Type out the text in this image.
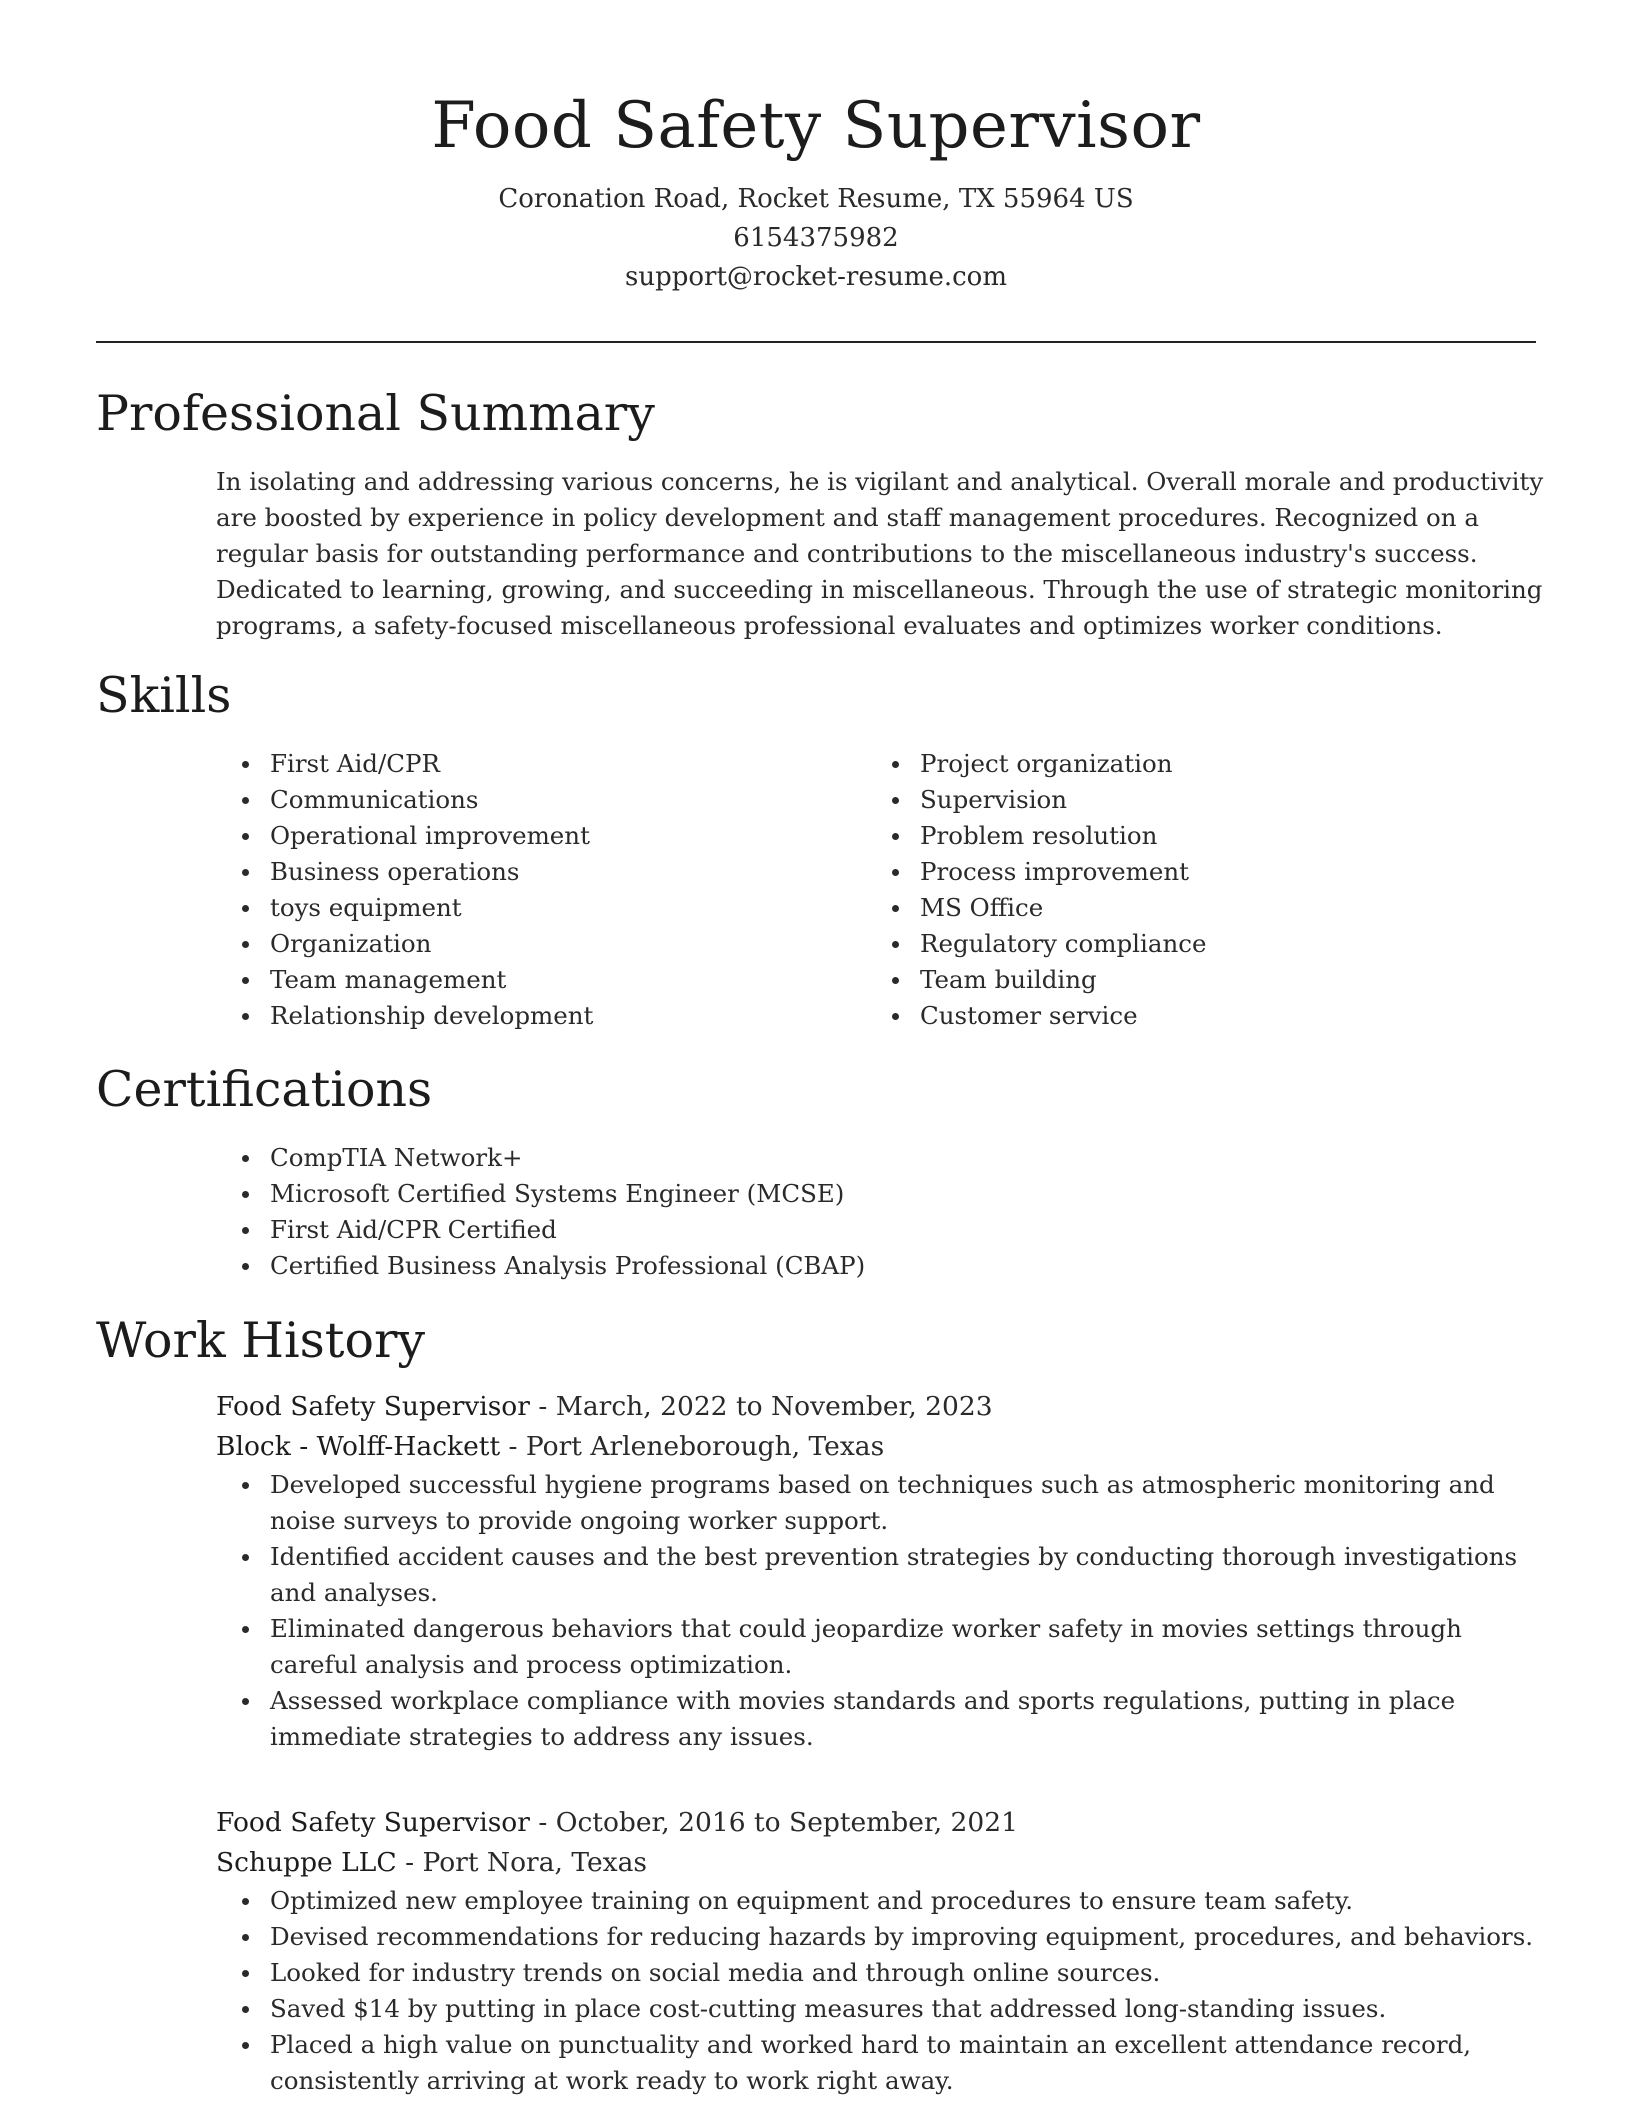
Food Safety Supervisor
Coronation Road, Rocket Resume, TX 55964 US
6154375982
support@rocket-resume.com
Professional Summary

In isolating and addressing various concerns, he is vigilant and analytical. Overall morale and productivity are boosted by experience in policy development and staff management procedures. Recognized on a regular basis for outstanding performance and contributions to the miscellaneous industry's success. Dedicated to learning, growing, and succeeding in miscellaneous. Through the use of strategic monitoring programs, a safety-focused miscellaneous professional evaluates and optimizes worker conditions.

Skills
First Aid/CPR
Communications
Operational improvement
Business operations
toys equipment
Organization
Team management
Relationship development
Project organization
Supervision
Problem resolution
Process improvement
MS Office
Regulatory compliance
Team building
Customer service
Certifications
CompTIA Network+
Microsoft Certified Systems Engineer (MCSE)
First Aid/CPR Certified
Certified Business Analysis Professional (CBAP)
Work History
Food Safety Supervisor - March, 2022 to November, 2023
Block - Wolff-Hackett - Port Arleneborough, Texas
Developed successful hygiene programs based on techniques such as atmospheric monitoring and noise surveys to provide ongoing worker support.
Identified accident causes and the best prevention strategies by conducting thorough investigations and analyses.
Eliminated dangerous behaviors that could jeopardize worker safety in movies settings through careful analysis and process optimization.
Assessed workplace compliance with movies standards and sports regulations, putting in place immediate strategies to address any issues.
Food Safety Supervisor - October, 2016 to September, 2021
Schuppe LLC - Port Nora, Texas
Optimized new employee training on equipment and procedures to ensure team safety.
Devised recommendations for reducing hazards by improving equipment, procedures, and behaviors.
Looked for industry trends on social media and through online sources.
Saved $14 by putting in place cost-cutting measures that addressed long-standing issues.
Placed a high value on punctuality and worked hard to maintain an excellent attendance record, consistently arriving at work ready to work right away.
